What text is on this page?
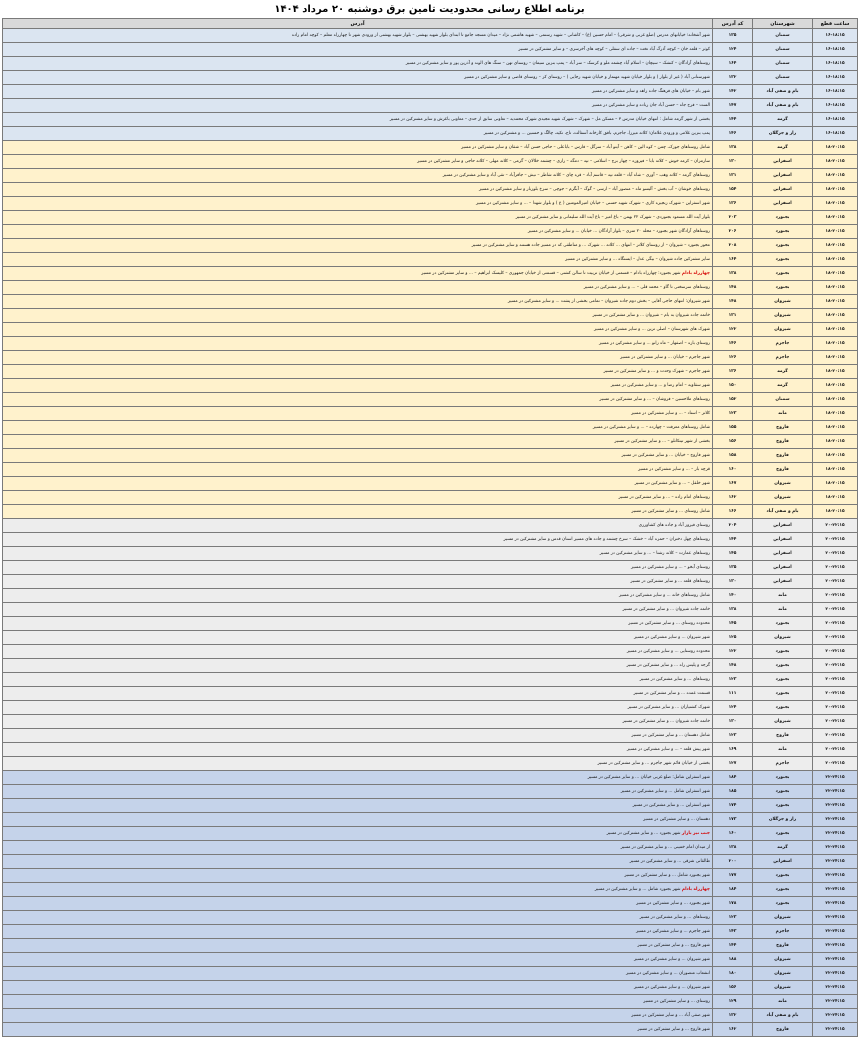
برنامه اطلاع رسانی محدودیت تامین برق دوشنبه ۲۰ مرداد ۱۴۰۴
ساعت قطع	شهرستان	کد آدرس	آدرس
۱۶-۱۸:۱۵	سمنان	۱۳۵	شهر آشخانه؛ خیابانهای مدرس (ضلع غربی و شرقی) – امام حسین (ع) – کاشانی – شهید رستمی – شهید هاشمی نژاد – میدان مسجد جامع تا ابتدای بلوار شهید بهشتی – بلوار شهید بهشتی از ورودی شهر تا چهارراه معلم – کوچه امام زاده
۱۶-۱۸:۱۵	سمنان	۱۲۴	کوثر – قلعه خان – کوچه آذرگ آباد تخت – جاده ای سفلی – کوچه های آخرسری – و سایر مشترکین در مسیر
۱۶-۱۸:۱۵	سمنان	۱۶۴	روستاهای آزادگان – کنشک – سیچان – اسلام آباد چشمه ملو و کرسک – سر آباد – پمپ بنزین سیمان – روستای تهن – سنگ های الوند و آذرین پور و سایر مشترکین در مسیر
۱۶-۱۸:۱۵	سمنان	۱۳۲	شهرستانی آباد ( غیر از بلوار ) و بلوار خیابان شهید مهنمار و خیابان شهید رجایی ) – روستای کز – روستای قاضی و سایر مشترکین در مسیر
۱۶-۱۸:۱۵	بام و صفی آباد	۱۴۲	شهر بام – خیابان های فرهنگ جاده زاهد و سایر مشترکین در مسیر
۱۶-۱۸:۱۵	بام و صفی آباد	۱۴۷	الست – فرح جاه – حسن آباد جان رباده و سایر مشترکین در مسیر
۱۶-۱۸:۱۵	گرمه	۱۴۴	بخشی از شهر گرمه شامل : انتهای خیابان مدرس ۳ – مسکن مل – شهرک – شهرک شهید مجیدی شهرک محمدیه – تعاونی سابق از حدی – معاونی باغرش و سایر مشترکین در مسیر
۱۶-۱۸:۱۵	راز و جرگلان	۱۴۶	پمپ بنزین غلامی و ورودی غلامان؛ کلاته میرزا، جاجرم، بافق کارخانه آسفالت، تاج، تکیه، چالگ و حسنین ... و مشترکین در مسیر
۱۸-۲۰:۱۵	گرمه	۱۳۸	شامل روستاهای جوزک، چمن – کوه الین – کاهن – آیتو آباد – سرگل – فارس – باباعلی – حاجی حسن آباد – شقان و سایر مشترکین در مسیر
۱۸-۲۰:۱۵	اسفراین	۱۳۰	سارمران – کرمه خوش – کلاته بابا – فیروزه – چهار برج – اسلامی – تپه – دمگه – رازی – چشمه خلالان – گرمی – کلاته مهلی – کلاته حاجی و سایر مشترکین در مسیر
۱۸-۲۰:۱۵	اسفراین	۱۳۱	روستاهای گرمه – کلاته وهب – آوری – شاه آباد – قلعه تپه – قاسم آباد – قره چای – کلاته شاطر – نیش – جافرآباد – تقی آباد و سایر مشترکین در مسیر
۱۸-۲۰:۱۵	اسفراین	۱۵۴	روستاهای خوشان – آب بخش – آلیسو ماه – منصور آباد – ارسی – گوگ – آبگرم – جوچی – سرخ بلوزبار و سایر مشترکین در مسیر
۱۸-۲۰:۱۵	اسفراین	۱۳۶	شهر اسفراین – شهرک زنجیره کاری – شهرک شهید حسنی – خیابان امیرالمومنین ( ع ) و بلوار شهدا – ... و سایر مشترکین در مسیر
۱۸-۲۰:۱۵	بجنورد	۲۰۳	بلوار آیت الله مسعود بجنوردی – شهرک ۲۲ بهمن – باغ امیر – باغ آیت الله سلیمانی و سایر مشترکین در مسیر
۱۸-۲۰:۱۵	بجنورد	۲۰۶	روستاهای آزادگان شهر بجنورد – محله ۲۰ متری – بلوار آزادگان ... خیابان ... و سایر مشترکین در مسیر
۱۸-۲۰:۱۵	بجنورد	۲۰۸	محور بجنورد – شیروان – از روستای کلاتر – انتهای ... کلاته ... شهرک ... و مناطقی که در مسیر جاده هستند و سایر مشترکین در مسیر
۱۸-۲۰:۱۵	بجنورد	۱۶۴	سایر مشترکین جاده شیروان – بیگی عدل – ایستگاه ... و سایر مشترکین در مسیر
۱۸-۲۰:۱۵	بجنورد	۱۳۸	چهارراه بادام شهر بجنورد: چهارراه بادام – قسمتی از خیابان تربیت تا سالن کشتی – قسمتی از خیابان جمهوری – کلیسک ابراهیم – ... و سایر مشترکین در مسیر
۱۸-۲۰:۱۵	بجنورد	۱۴۸	روستاهای سرسختی تا گاو – محمد قلی – ... و سایر مشترکین در مسیر
۱۸-۲۰:۱۵	شیروان	۱۴۸	شهر شیروان: انتهای حاجی آقایی – بخش دوم جاده شیروان – تمامی بخشی از پشت ... و سایر مشترکین در مسیر
۱۸-۲۰:۱۵	شیروان	۱۳۱	خاتمه جاده شیروان به بام – شیروان ... و سایر مشترکین در مسیر
۱۸-۲۰:۱۵	شیروان	۱۲۲	شهرک های شهرستان – اصلی ترین ... و سایر مشترکین در مسیر
۱۸-۲۰:۱۵	جاجرم	۱۴۶	روستای بازه – اصفهار – ماه زانو ... و سایر مشترکین در مسیر
۱۸-۲۰:۱۵	جاجرم	۱۲۶	شهر جاجرم – خیابان ... و سایر مشترکین در مسیر
۱۸-۲۰:۱۵	گرمه	۱۳۶	شهر جاجرم – شهرک وحدت و ... و سایر مشترکین در مسیر
۱۸-۲۰:۱۵	گرمه	۱۵۰	شهر سقاویه – امام رضا و ... و سایر مشترکین در مسیر
۱۸-۲۰:۱۵	سمنان	۱۵۲	روستاهای ملاحسین – فروشان – ... و سایر مشترکین در مسیر
۱۸-۲۰:۱۵	مانه	۱۲۳	کلاتر – استاد – ... و سایر مشترکین در مسیر
۱۸-۲۰:۱۵	فاروج	۱۵۵	شامل روستاهای معرفت – چهارده – ... و سایر مشترکین در مسیر
۱۸-۲۰:۱۵	فاروج	۱۵۶	بخشی از شهر تیتکانلو – ... و سایر مشترکین در مسیر
۱۸-۲۰:۱۵	فاروج	۱۵۸	شهر فاروج – خیابان ... و سایر مشترکین در مسیر
۱۸-۲۰:۱۵	فاروج	۱۶۰	قرچه بار – ... و سایر مشترکین در مسیر
۱۸-۲۰:۱۵	شیروان	۱۶۷	شهر خلقل – ... و سایر مشترکین در مسیر
۱۸-۲۰:۱۵	شیروان	۱۶۲	روستاهای امام زاده – ... و سایر مشترکین در مسیر
۱۸-۲۰:۱۵	بام و صفی آباد	۱۶۶	شامل روستای ... و سایر مشترکین در مسیر
۲۰-۲۲:۱۵	اسفراین	۲۰۴	روستای فیروز آباد و جاده های کشاورزی
۲۰-۲۲:۱۵	اسفراین	۱۴۴	روستاهای چهل دختران – حمزه آباد – خشک – سرخ چشمه و جاده های مسیر استان قدس و سایر مشترکین در مسیر
۲۰-۲۲:۱۵	اسفراین	۱۴۵	روستاهای عمارت – کلاته رشتا – ... و سایر مشترکین در مسیر
۲۰-۲۲:۱۵	اسفراین	۱۳۵	روستای آبخو – ... و سایر مشترکین در مسیر
۲۰-۲۲:۱۵	اسفراین	۱۳۰	روستاهای قلعه ... و سایر مشترکین در مسیر
۲۰-۲۲:۱۵	مانه	۱۴۰	شامل روستاهای خانه ... و سایر مشترکین در مسیر
۲۰-۲۲:۱۵	مانه	۱۳۸	خاتمه جاده شیروان ... و سایر مشترکین در مسیر
۲۰-۲۲:۱۵	بجنورد	۱۴۵	محدوده روستای ... و سایر مشترکین در مسیر
۲۰-۲۲:۱۵	شیروان	۱۲۵	شهر شیروان ... و سایر مشترکین در مسیر
۲۰-۲۲:۱۵	بجنورد	۱۲۲	محدوده روستایی ... و سایر مشترکین در مسیر
۲۰-۲۲:۱۵	بجنورد	۱۴۸	گرجه و پلیس راه ... و سایر مشترکین در مسیر
۲۰-۲۲:۱۵	بجنورد	۱۲۳	روستاهای ... و سایر مشترکین در مسیر
۲۰-۲۲:۱۵	بجنورد	۱۱۱	قسمت عمده ... و سایر مشترکین در مسیر
۲۰-۲۲:۱۵	بجنورد	۱۲۴	شهرک کشتیاران ... و سایر مشترکین در مسیر
۲۰-۲۲:۱۵	شیروان	۱۳۰	خاتمه جاده شیروان ... و سایر مشترکین در مسیر
۲۰-۲۲:۱۵	فاروج	۱۲۳	شامل دهستان ... و سایر مشترکین در مسیر
۲۰-۲۲:۱۵	مانه	۱۶۹	شهر پیش قلعه – ... و سایر مشترکین در مسیر
۲۰-۲۲:۱۵	جاجرم	۱۲۷	بخشی از خیابان قائم شهر جاجرم ... و سایر مشترکین در مسیر
۲۲-۲۴:۱۵	بجنورد	۱۸۴	شهر اسفراین شامل: ضلع غربی خیابان ... و سایر مشترکین در مسیر
۲۲-۲۴:۱۵	بجنورد	۱۸۵	شهر اسفراین شامل ... و سایر مشترکین در مسیر
۲۲-۲۴:۱۵	بجنورد	۱۷۴	شهر اسفراین ... و سایر مشترکین در مسیر
۲۲-۲۴:۱۵	راز و جرگلان	۱۷۳	دهستان ... و سایر مشترکین در مسیر
۲۲-۲۴:۱۵	بجنورد	۱۶۰	جنب تیر بازار شهر بجنورد ... و سایر مشترکین در مسیر
۲۲-۲۴:۱۵	گرمه	۱۳۸	از میدان امام خمینی ... و سایر مشترکین در مسیر
۲۲-۲۴:۱۵	اسفراین	۲۰۰	طالقانی شرقی ... و سایر مشترکین در مسیر
۲۲-۲۴:۱۵	بجنورد	۱۷۷	شهر بجنورد شامل ... و سایر مشترکین در مسیر
۲۲-۲۴:۱۵	بجنورد	۱۸۴	چهارراه بادام شهر بجنورد شامل ... و سایر مشترکین در مسیر
۲۲-۲۴:۱۵	بجنورد	۱۷۸	شهر بجنورد ... و سایر مشترکین در مسیر
۲۲-۲۴:۱۵	شیروان	۱۲۳	روستاهای ... و سایر مشترکین در مسیر
۲۲-۲۴:۱۵	جاجرم	۱۴۳	شهر جاجرم ... و سایر مشترکین در مسیر
۲۲-۲۴:۱۵	فاروج	۱۴۴	شهر فاروج ... و سایر مشترکین در مسیر
۲۲-۲۴:۱۵	شیروان	۱۸۸	شهر شیروان ... و سایر مشترکین در مسیر
۲۲-۲۴:۱۵	شیروان	۱۸۰	انشعاب منصوران ... و سایر مشترکین در مسیر
۲۲-۲۴:۱۵	شیروان	۱۵۶	شهر شیروان ... و سایر مشترکین در مسیر
۲۲-۲۴:۱۵	مانه	۱۲۹	روستای ... و سایر مشترکین در مسیر
۲۲-۲۴:۱۵	بام و صفی آباد	۱۳۲	شهر صفی آباد ... و سایر مشترکین در مسیر
۲۲-۲۴:۱۵	فاروج	۱۶۲	شهر فاروج ... و سایر مشترکین در مسیر
